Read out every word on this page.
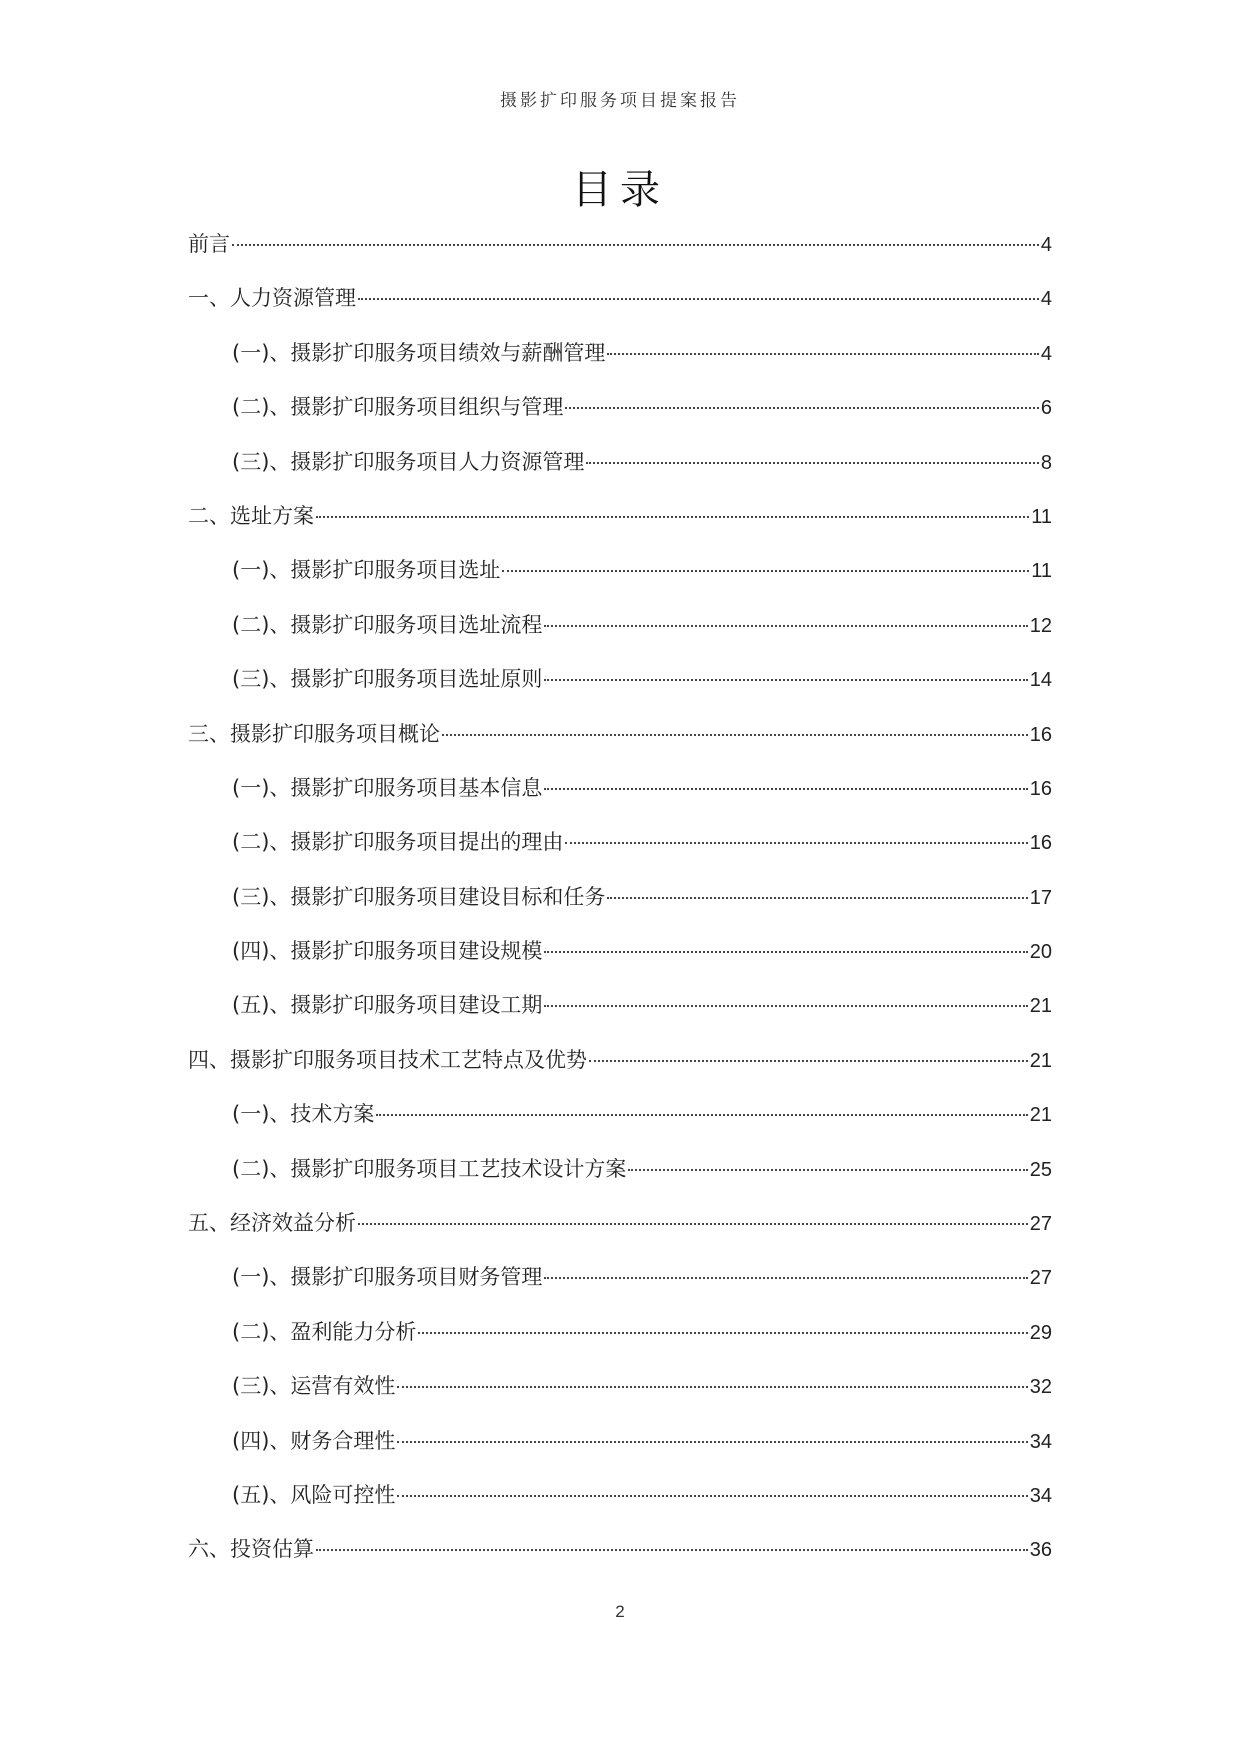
摄影扩印服务项目提案报告
目录
前言	4
一、人力资源管理	4
(一)、摄影扩印服务项目绩效与薪酬管理	4
(二)、摄影扩印服务项目组织与管理	6
(三)、摄影扩印服务项目人力资源管理	8
二、选址方案	11
(一)、摄影扩印服务项目选址	11
(二)、摄影扩印服务项目选址流程	12
(三)、摄影扩印服务项目选址原则	14
三、摄影扩印服务项目概论	16
(一)、摄影扩印服务项目基本信息	16
(二)、摄影扩印服务项目提出的理由	16
(三)、摄影扩印服务项目建设目标和任务	17
(四)、摄影扩印服务项目建设规模	20
(五)、摄影扩印服务项目建设工期	21
四、摄影扩印服务项目技术工艺特点及优势	21
(一)、技术方案	21
(二)、摄影扩印服务项目工艺技术设计方案	25
五、经济效益分析	27
(一)、摄影扩印服务项目财务管理	27
(二)、盈利能力分析	29
(三)、运营有效性	32
(四)、财务合理性	34
(五)、风险可控性	34
六、投资估算	36
2
